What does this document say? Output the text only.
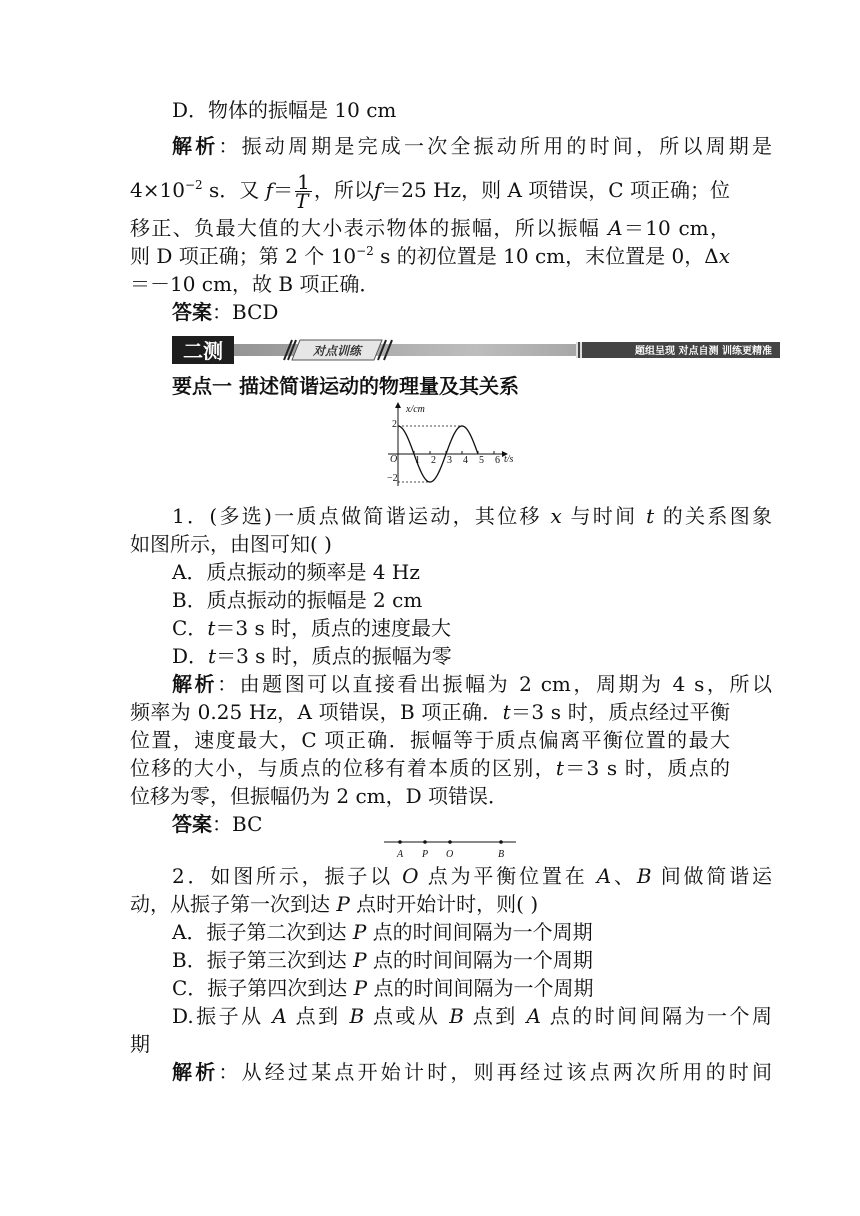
D．物体的振幅是 10 cm
解析：振动周期是完成一次全振动所用的时间，所以周期是
$4\times 10^{-2}$ s．又 $f= \frac{1}{T}$ ，所以f＝25 Hz，则 A 项错误，C 项正确；位
移正、负最大值的大小表示物体的振幅，所以振幅 A＝10 cm，
则 D 项正确；第 2 个 $10^{-2}$ s 的初位置是 10 cm，末位置是 0，Δx
＝－10 cm，故 B 项正确．
答案：BCD
二测	对点训练	题组呈现 对点自测 训练更精准
要点一 描述简谐运动的物理量及其关系
x/cm
t/s
O
2
−2
1 2 3 4 5 6
1．(多选)一质点做简谐运动，其位移 x 与时间 t 的关系图象
如图所示，由图可知( )
A．质点振动的频率是 4 Hz
B．质点振动的振幅是 2 cm
C．t＝3 s 时，质点的速度最大
D．t＝3 s 时，质点的振幅为零
解析：由题图可以直接看出振幅为 2 cm，周期为 4 s，所以
频率为 0.25 Hz，A 项错误，B 项正确．t＝3 s 时，质点经过平衡
位置，速度最大，C 项正确．振幅等于质点偏离平衡位置的最大
位移的大小，与质点的位移有着本质的区别，t＝3 s 时，质点的
位移为零，但振幅仍为 2 cm，D 项错误．
答案：BC
A P O	B
2．如图所示，振子以 O 点为平衡位置在 A、B 间做简谐运
动，从振子第一次到达 P 点时开始计时，则( )
A．振子第二次到达 P 点的时间间隔为一个周期
B．振子第三次到达 P 点的时间间隔为一个周期
C．振子第四次到达 P 点的时间间隔为一个周期
D.振子从 A 点到 B 点或从 B 点到 A 点的时间间隔为一个周
期
解析：从经过某点开始计时，则再经过该点两次所用的时间
